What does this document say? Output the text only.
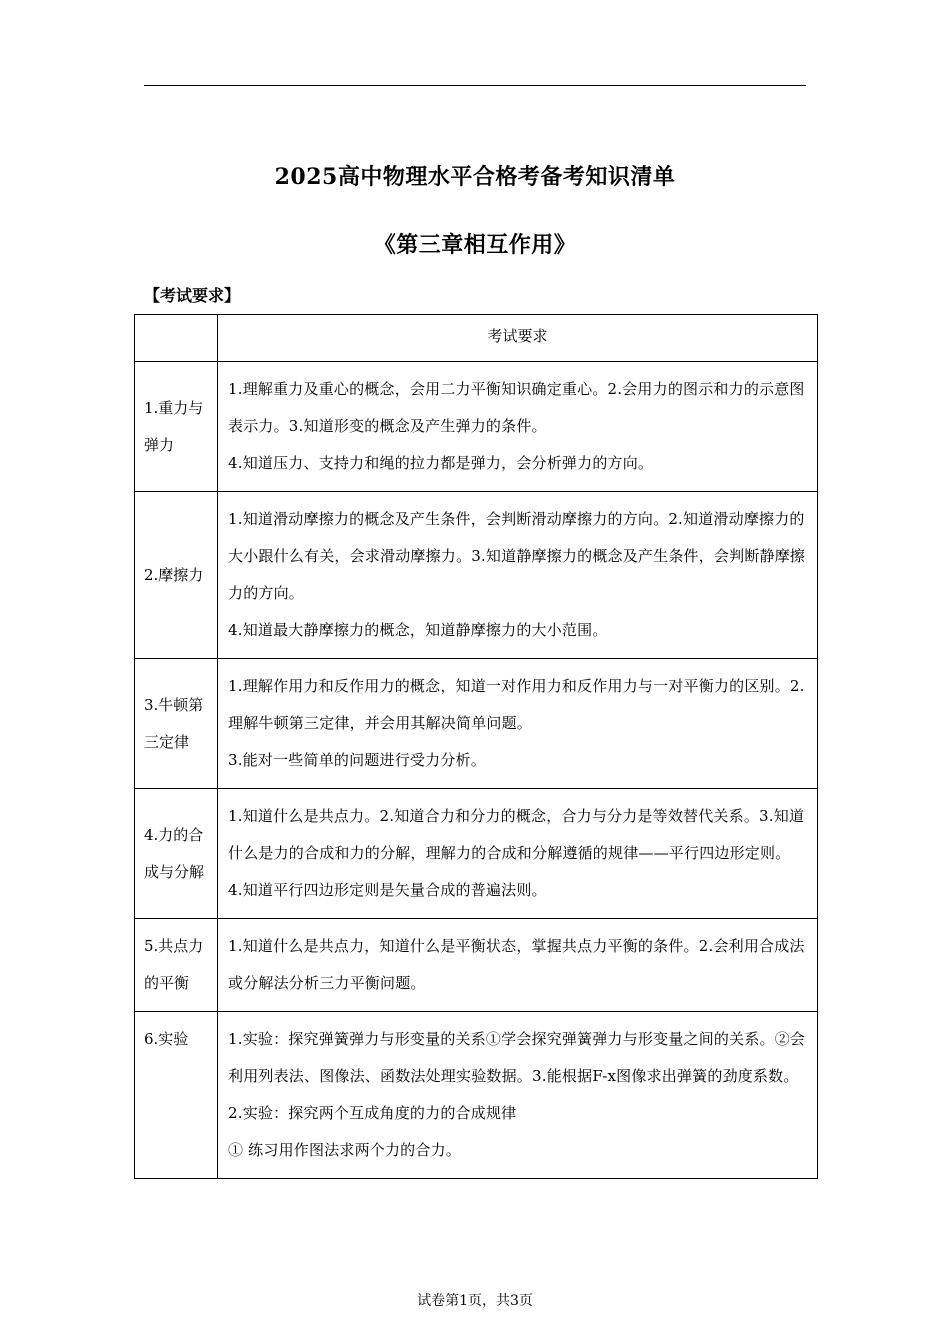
2025高中物理水平合格考备考知识清单
《第三章相互作用》
【考试要求】
	考试要求
1.重力与弹力	1.理解重力及重心的概念，会用二力平衡知识确定重心。2.会用力的图示和力的示意图表示力。3.知道形变的概念及产生弹力的条件。
4.知道压力、支持力和绳的拉力都是弹力，会分析弹力的方向。

2.摩擦力	1.知道滑动摩擦力的概念及产生条件，会判断滑动摩擦力的方向。2.知道滑动摩擦力的大小跟什么有关，会求滑动摩擦力。3.知道静摩擦力的概念及产生条件，会判断静摩擦力的方向。
4.知道最大静摩擦力的概念，知道静摩擦力的大小范围。

3.牛顿第三定律	1.理解作用力和反作用力的概念，知道一对作用力和反作用力与一对平衡力的区别。2.理解牛顿第三定律，并会用其解决简单问题。
3.能对一些简单的问题进行受力分析。

4.力的合成与分解	1.知道什么是共点力。2.知道合力和分力的概念，合力与分力是等效替代关系。3.知道什么是力的合成和力的分解，理解力的合成和分解遵循的规律——平行四边形定则。
4.知道平行四边形定则是矢量合成的普遍法则。

5.共点力的平衡	1.知道什么是共点力，知道什么是平衡状态，掌握共点力平衡的条件。2.会利用合成法或分解法分析三力平衡问题。

6.实验	1.实验：探究弹簧弹力与形变量的关系①学会探究弹簧弹力与形变量之间的关系。②会利用列表法、图像法、函数法处理实验数据。3.能根据F-x图像求出弹簧的劲度系数。
2.实验：探究两个互成角度的力的合成规律
① 练习用作图法求两个力的合力。
试卷第1页，共3页
